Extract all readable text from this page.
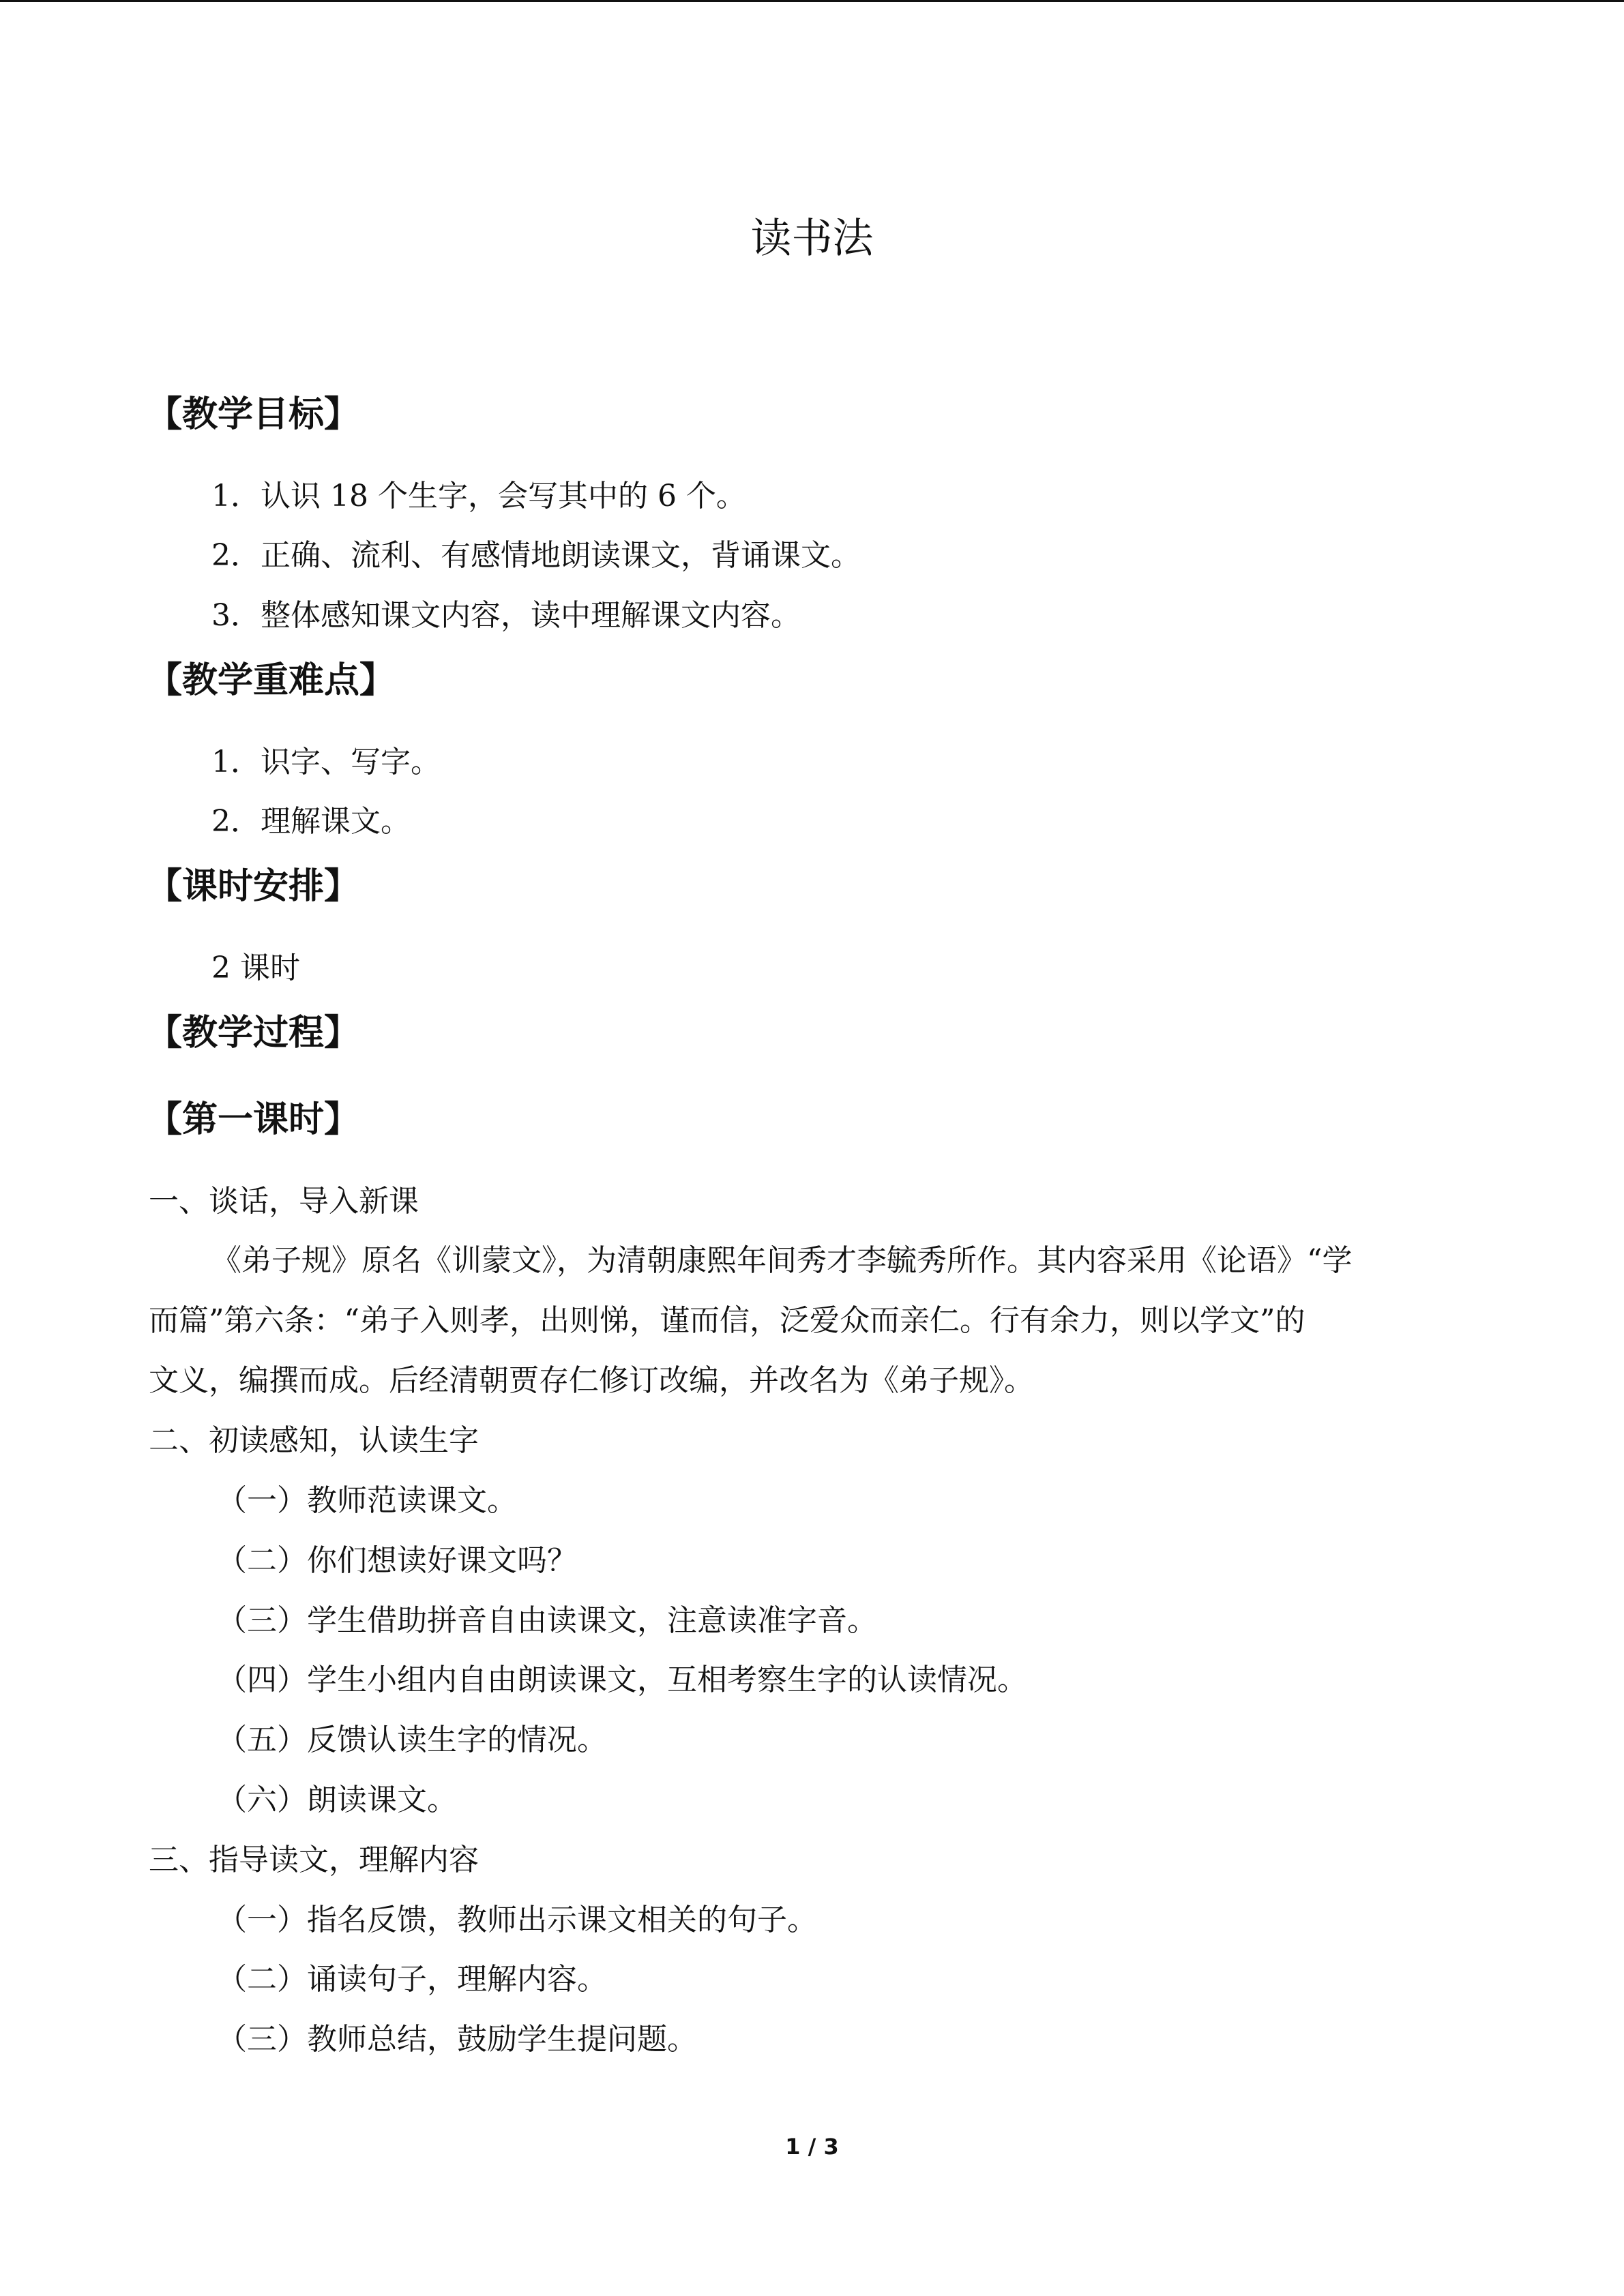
读书法
【教学目标】
1．认识 18 个生字，会写其中的 6 个。
2．正确、流利、有感情地朗读课文，背诵课文。
3．整体感知课文内容，读中理解课文内容。
【教学重难点】
1．识字、写字。
2．理解课文。
【课时安排】
2 课时
【教学过程】
【第一课时】
一、谈话，导入新课
《弟子规》原名《训蒙文》，为清朝康熙年间秀才李毓秀所作。其内容采用《论语》“学
而篇”第六条：“弟子入则孝，出则悌，谨而信，泛爱众而亲仁。行有余力，则以学文”的
文义，编撰而成。后经清朝贾存仁修订改编，并改名为《弟子规》。
二、初读感知，认读生字
（一）教师范读课文。
（二）你们想读好课文吗？
（三）学生借助拼音自由读课文，注意读准字音。
（四）学生小组内自由朗读课文，互相考察生字的认读情况。
（五）反馈认读生字的情况。
（六）朗读课文。
三、指导读文，理解内容
（一）指名反馈，教师出示课文相关的句子。
（二）诵读句子，理解内容。
（三）教师总结，鼓励学生提问题。
1 / 3
